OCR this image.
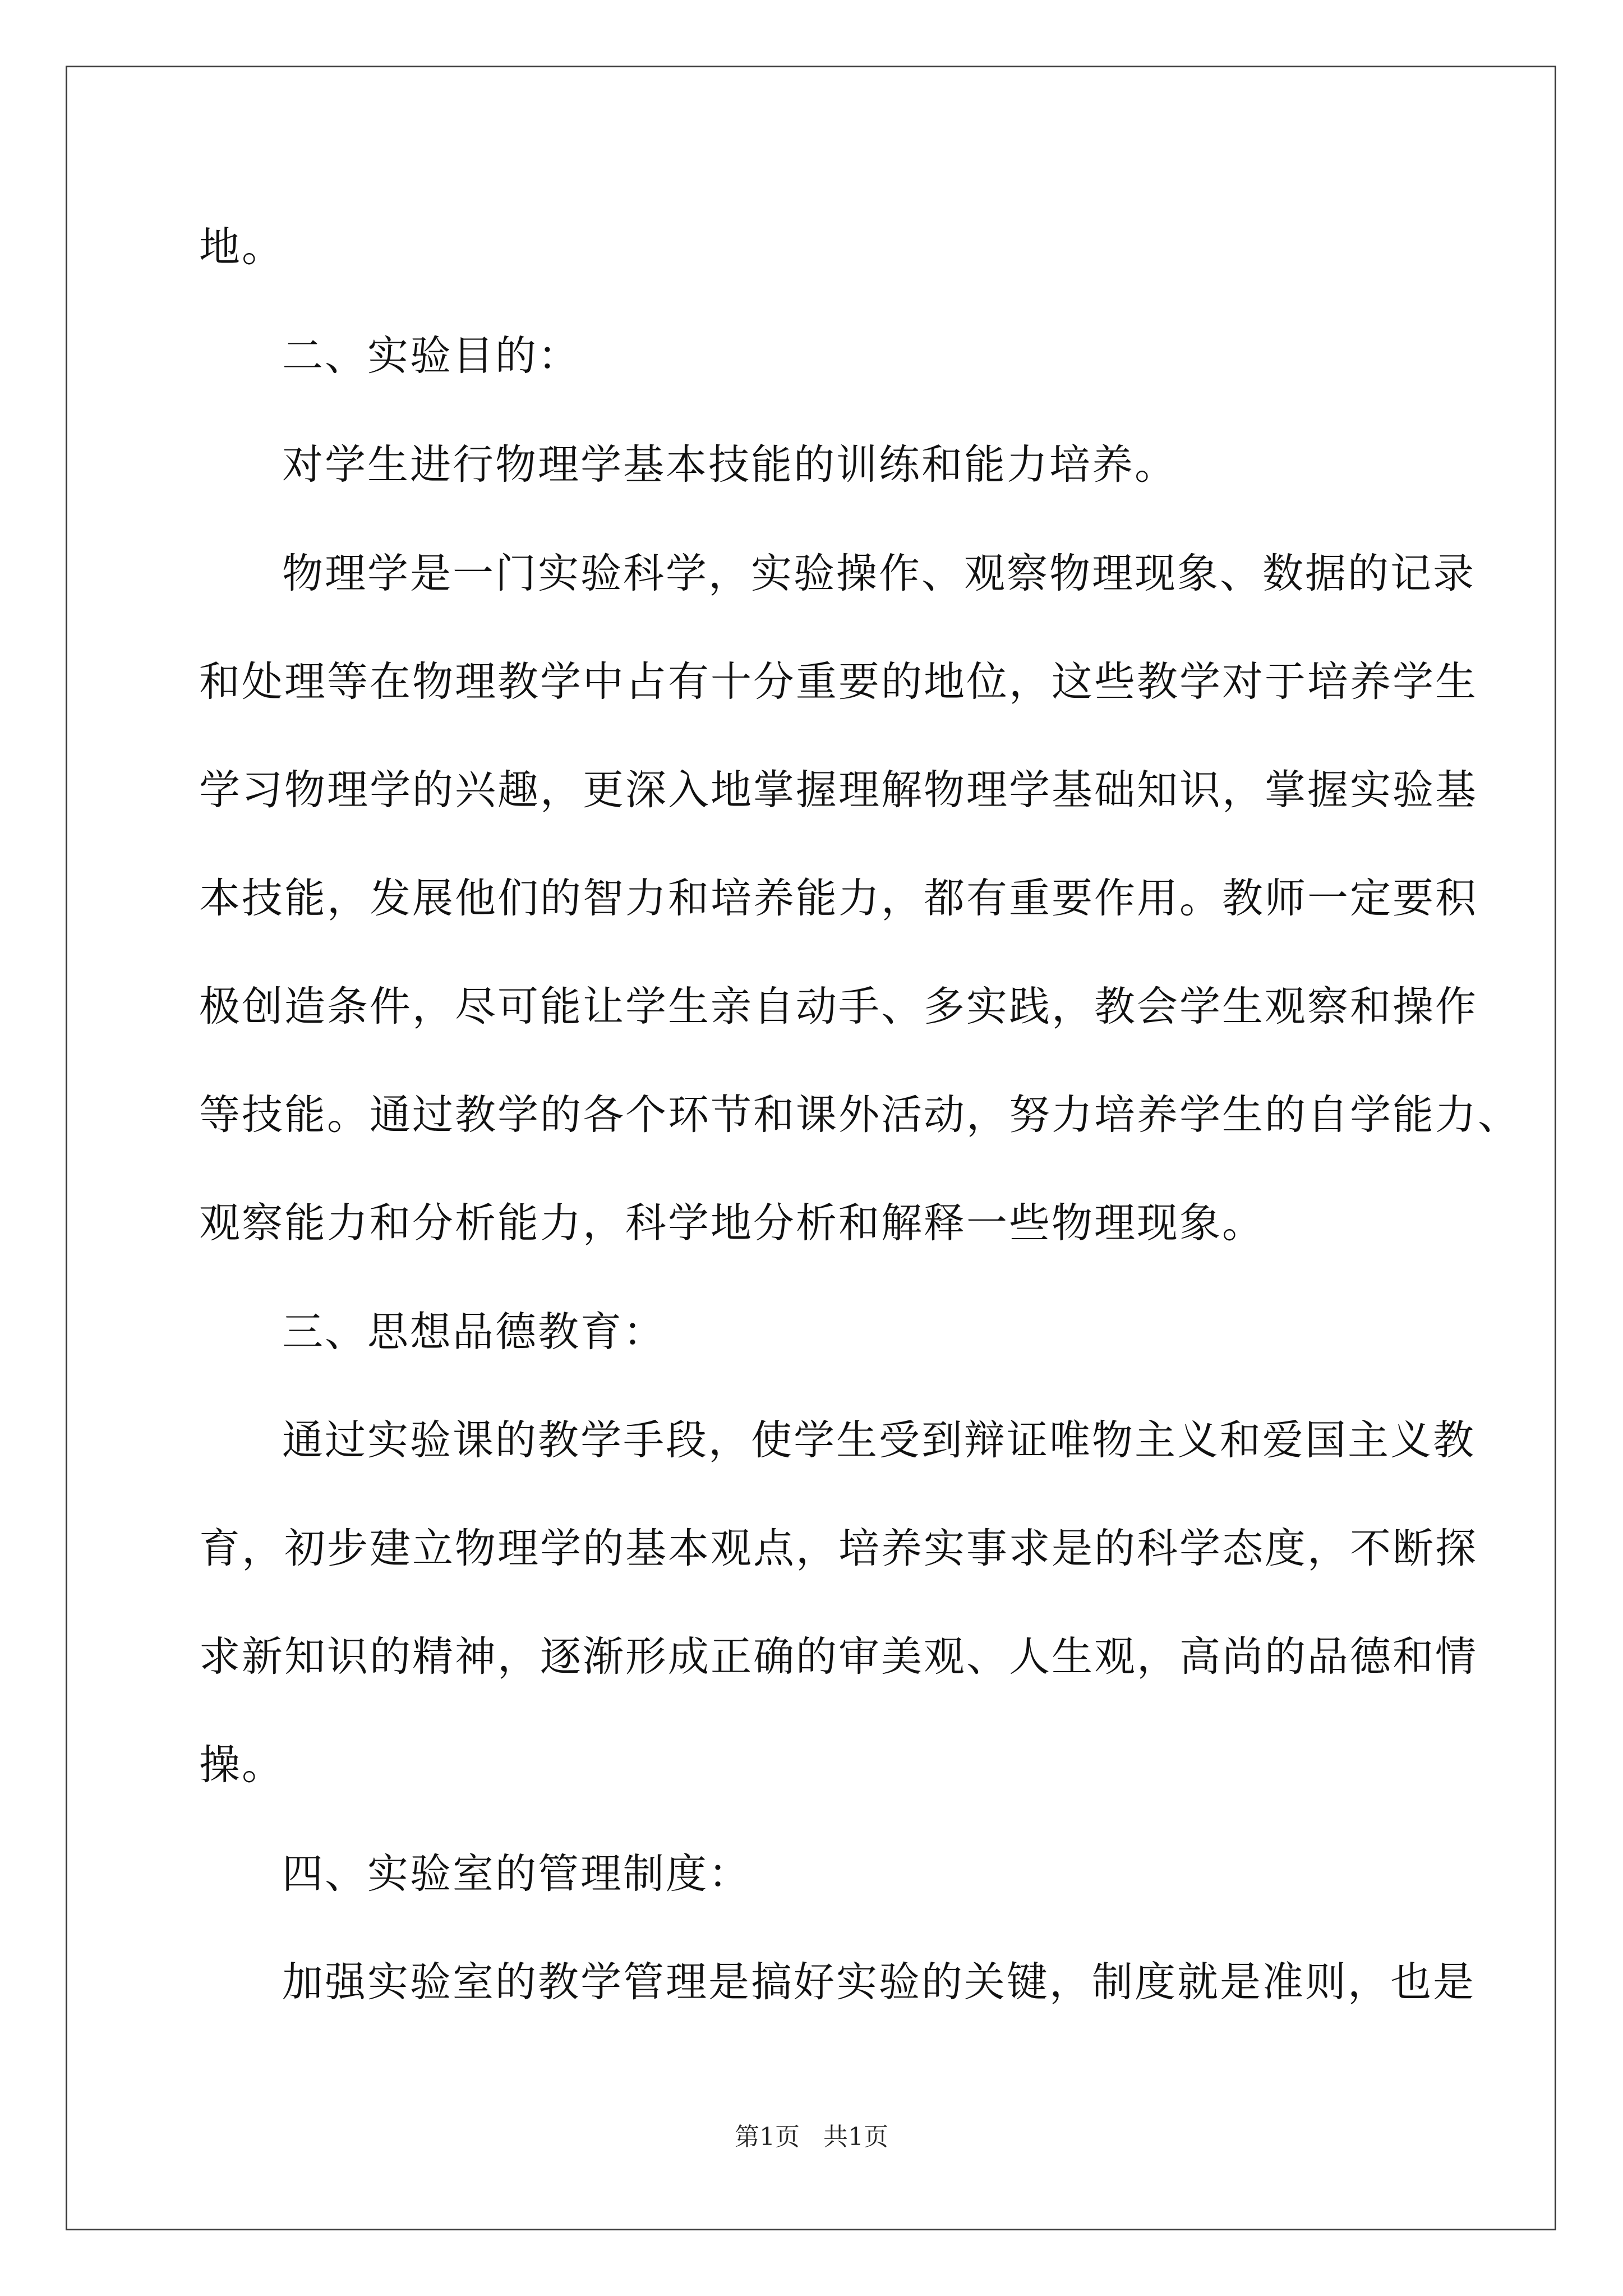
地。
二、实验目的：
对学生进行物理学基本技能的训练和能力培养。
物理学是一门实验科学，实验操作、观察物理现象、数据的记录
和处理等在物理教学中占有十分重要的地位，这些教学对于培养学生
学习物理学的兴趣，更深入地掌握理解物理学基础知识，掌握实验基
本技能，发展他们的智力和培养能力，都有重要作用。教师一定要积
极创造条件，尽可能让学生亲自动手、多实践，教会学生观察和操作
等技能。通过教学的各个环节和课外活动，努力培养学生的自学能力、
观察能力和分析能力，科学地分析和解释一些物理现象。
三、思想品德教育：
通过实验课的教学手段，使学生受到辩证唯物主义和爱国主义教
育，初步建立物理学的基本观点，培养实事求是的科学态度，不断探
求新知识的精神，逐渐形成正确的审美观、人生观，高尚的品德和情
操。
四、实验室的管理制度：
加强实验室的教学管理是搞好实验的关键，制度就是准则，也是
第1页   共1页
